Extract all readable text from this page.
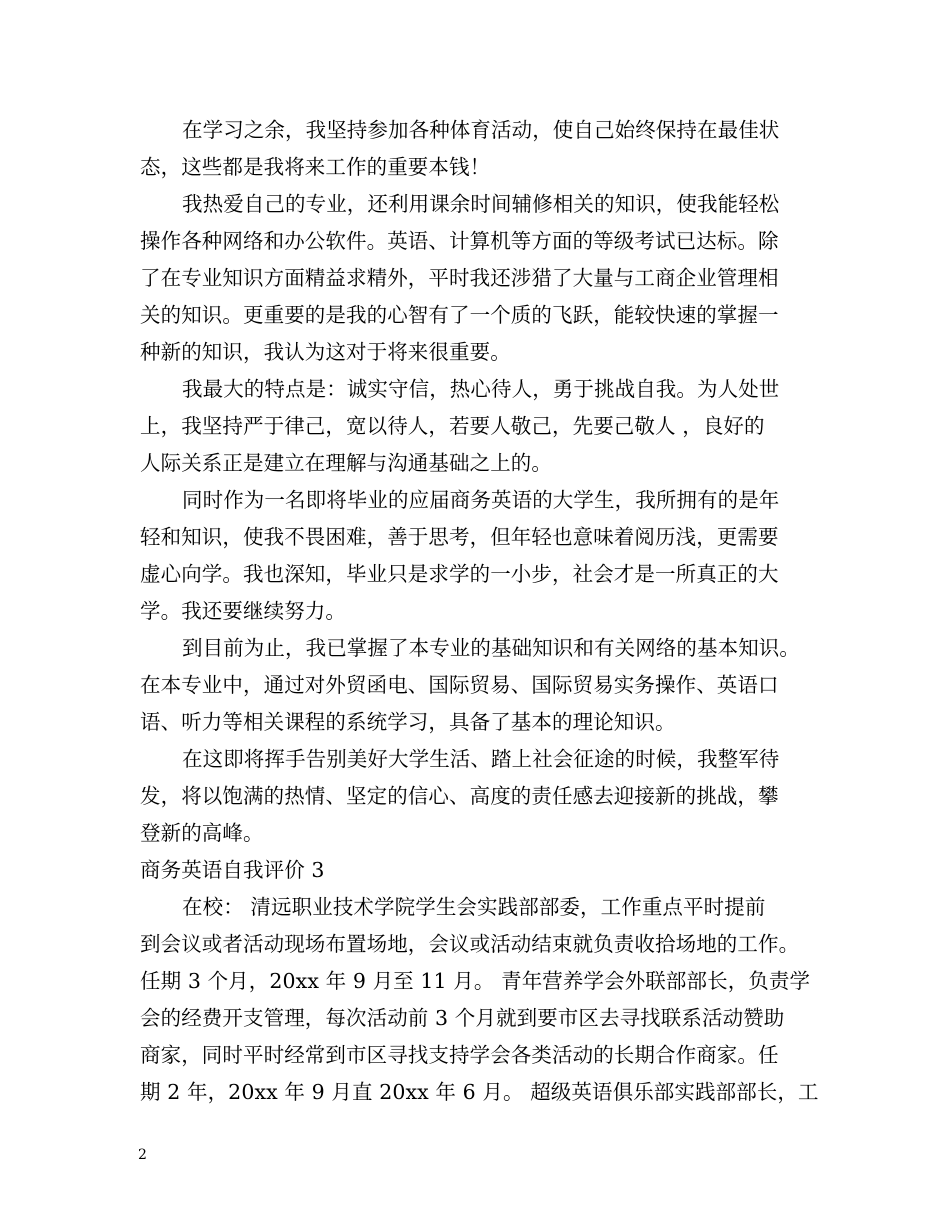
在学习之余，我坚持参加各种体育活动，使自己始终保持在最佳状
态，这些都是我将来工作的重要本钱！
我热爱自己的专业，还利用课余时间辅修相关的知识，使我能轻松
操作各种网络和办公软件。英语、计算机等方面的等级考试已达标。除
了在专业知识方面精益求精外，平时我还涉猎了大量与工商企业管理相
关的知识。更重要的是我的心智有了一个质的飞跃，能较快速的掌握一
种新的知识，我认为这对于将来很重要。
我最大的特点是：诚实守信，热心待人，勇于挑战自我。为人处世
上，我坚持严于律己，宽以待人，若要人敬己，先要己敬人 ，良好的
人际关系正是建立在理解与沟通基础之上的。
同时作为一名即将毕业的应届商务英语的大学生，我所拥有的是年
轻和知识，使我不畏困难，善于思考，但年轻也意味着阅历浅，更需要
虚心向学。我也深知，毕业只是求学的一小步，社会才是一所真正的大
学。我还要继续努力。
到目前为止，我已掌握了本专业的基础知识和有关网络的基本知识。
在本专业中，通过对外贸函电、国际贸易、国际贸易实务操作、英语口
语、听力等相关课程的系统学习，具备了基本的理论知识。
在这即将挥手告别美好大学生活、踏上社会征途的时候，我整军待
发，将以饱满的热情、坚定的信心、高度的责任感去迎接新的挑战，攀
登新的高峰。
商务英语自我评价 3
在校： 清远职业技术学院学生会实践部部委，工作重点平时提前
到会议或者活动现场布置场地，会议或活动结束就负责收拾场地的工作。
任期 3 个月，20xx 年 9 月至 11 月。 青年营养学会外联部部长，负责学
会的经费开支管理，每次活动前 3 个月就到要市区去寻找联系活动赞助
商家，同时平时经常到市区寻找支持学会各类活动的长期合作商家。任
期 2 年，20xx 年 9 月直 20xx 年 6 月。 超级英语俱乐部实践部部长，工
2
